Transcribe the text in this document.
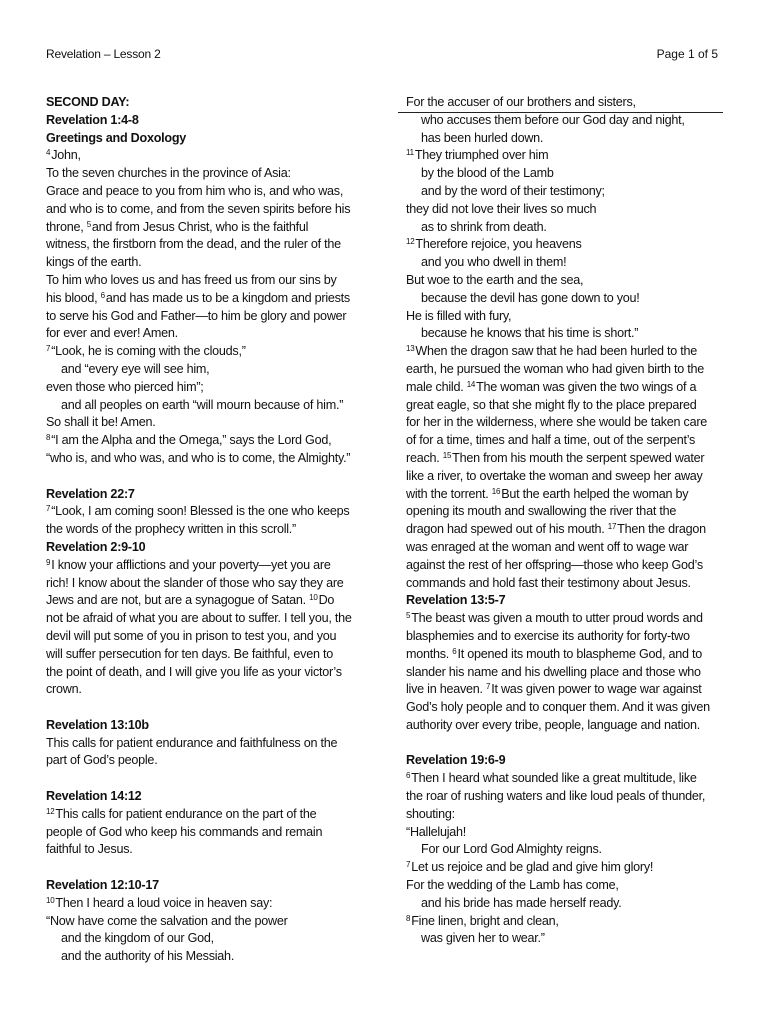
Revelation – Lesson 2	Page 1 of 5
SECOND DAY:
Revelation 1:4-8
Greetings and Doxology
$^4$John,
To the seven churches in the province of Asia:
Grace and peace to you from him who is, and who was,
and who is to come, and from the seven spirits before his
throne, $^5$and from Jesus Christ, who is the faithful
witness, the firstborn from the dead, and the ruler of the
kings of the earth.
To him who loves us and has freed us from our sins by
his blood, $^6$and has made us to be a kingdom and priests
to serve his God and Father—to him be glory and power
for ever and ever! Amen.
$^7$“Look, he is coming with the clouds,”
and “every eye will see him,
even those who pierced him”;
and all peoples on earth “will mourn because of him.”
So shall it be! Amen.
$^8$“I am the Alpha and the Omega,” says the Lord God,
“who is, and who was, and who is to come, the Almighty.”
Revelation 22:7
$^7$“Look, I am coming soon! Blessed is the one who keeps
the words of the prophecy written in this scroll.”
Revelation 2:9-10
$^9$I know your afflictions and your poverty—yet you are
rich! I know about the slander of those who say they are
Jews and are not, but are a synagogue of Satan. $^{10}$Do
not be afraid of what you are about to suffer. I tell you, the
devil will put some of you in prison to test you, and you
will suffer persecution for ten days. Be faithful, even to
the point of death, and I will give you life as your victor’s
crown.
Revelation 13:10b
This calls for patient endurance and faithfulness on the
part of God’s people.
Revelation 14:12
$^{12}$This calls for patient endurance on the part of the
people of God who keep his commands and remain
faithful to Jesus.
Revelation 12:10-17
$^{10}$Then I heard a loud voice in heaven say:
“Now have come the salvation and the power
and the kingdom of our God,
and the authority of his Messiah.
For the accuser of our brothers and sisters,
who accuses them before our God day and night,
has been hurled down.
$^{11}$They triumphed over him
by the blood of the Lamb
and by the word of their testimony;
they did not love their lives so much
as to shrink from death.
$^{12}$Therefore rejoice, you heavens
and you who dwell in them!
But woe to the earth and the sea,
because the devil has gone down to you!
He is filled with fury,
because he knows that his time is short.”
$^{13}$When the dragon saw that he had been hurled to the
earth, he pursued the woman who had given birth to the
male child. $^{14}$The woman was given the two wings of a
great eagle, so that she might fly to the place prepared
for her in the wilderness, where she would be taken care
of for a time, times and half a time, out of the serpent’s
reach. $^{15}$Then from his mouth the serpent spewed water
like a river, to overtake the woman and sweep her away
with the torrent. $^{16}$But the earth helped the woman by
opening its mouth and swallowing the river that the
dragon had spewed out of his mouth. $^{17}$Then the dragon
was enraged at the woman and went off to wage war
against the rest of her offspring—those who keep God’s
commands and hold fast their testimony about Jesus.
Revelation 13:5-7
$^5$The beast was given a mouth to utter proud words and
blasphemies and to exercise its authority for forty-two
months. $^6$It opened its mouth to blaspheme God, and to
slander his name and his dwelling place and those who
live in heaven. $^7$It was given power to wage war against
God’s holy people and to conquer them. And it was given
authority over every tribe, people, language and nation.
Revelation 19:6-9
$^6$Then I heard what sounded like a great multitude, like
the roar of rushing waters and like loud peals of thunder,
shouting:
“Hallelujah!
For our Lord God Almighty reigns.
$^7$Let us rejoice and be glad and give him glory!
For the wedding of the Lamb has come,
and his bride has made herself ready.
$^8$Fine linen, bright and clean,
was given her to wear.”
